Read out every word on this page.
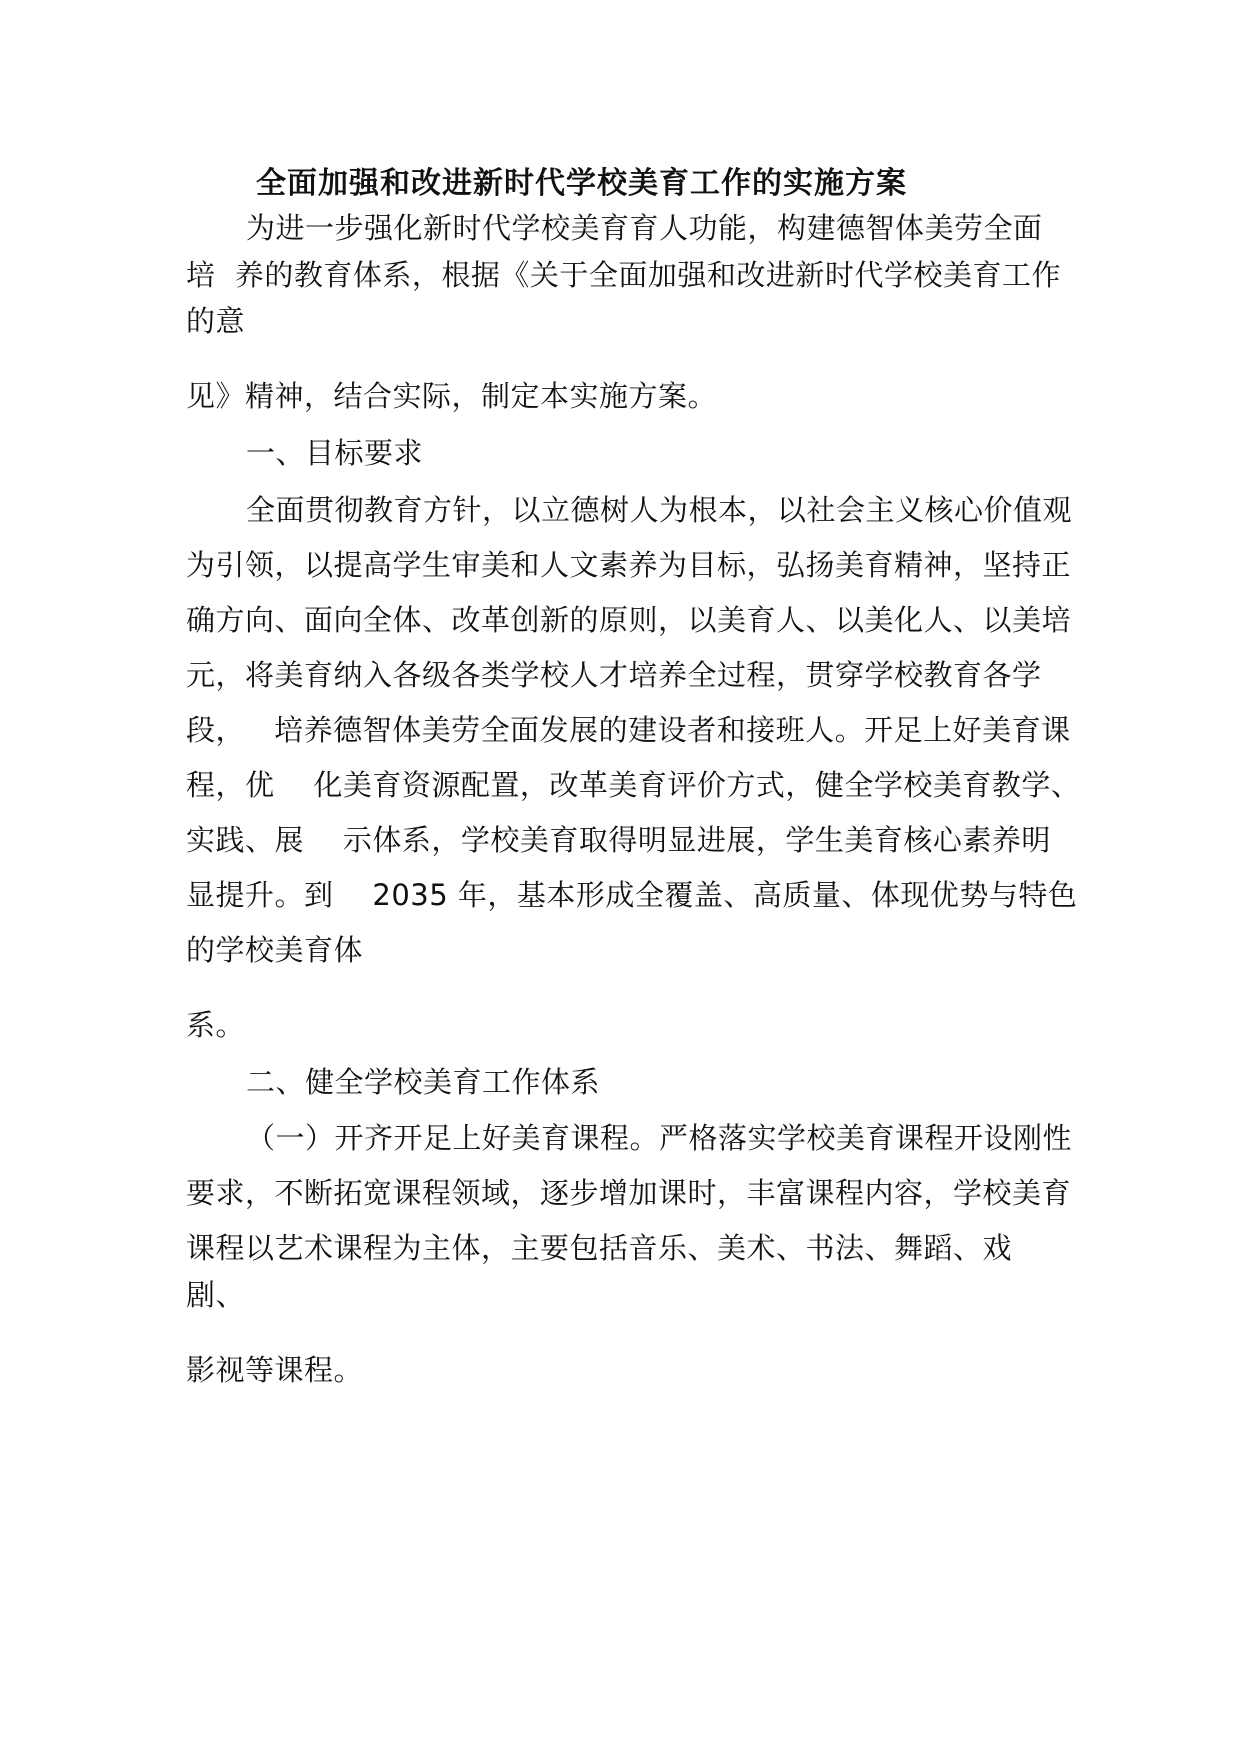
全面加强和改进新时代学校美育工作的实施方案
为进一步强化新时代学校美育育人功能，构建德智体美劳全面
培  养的教育体系，根据《关于全面加强和改进新时代学校美育工作
的意
见》精神，结合实际，制定本实施方案。
一、目标要求
全面贯彻教育方针，以立德树人为根本，以社会主义核心价值观
为引领，以提高学生审美和人文素养为目标，弘扬美育精神，坚持正
确方向、面向全体、改革创新的原则，以美育人、以美化人、以美培
元，将美育纳入各级各类学校人才培养全过程，贯穿学校教育各学
段，   培养德智体美劳全面发展的建设者和接班人。开足上好美育课
程，优    化美育资源配置，改革美育评价方式，健全学校美育教学、
实践、展    示体系，学校美育取得明显进展，学生美育核心素养明
显提升。到    2035 年，基本形成全覆盖、高质量、体现优势与特色
的学校美育体
系。
二、健全学校美育工作体系
（一）开齐开足上好美育课程。严格落实学校美育课程开设刚性
要求，不断拓宽课程领域，逐步增加课时，丰富课程内容，学校美育
课程以艺术课程为主体，主要包括音乐、美术、书法、舞蹈、戏
剧、
影视等课程。
